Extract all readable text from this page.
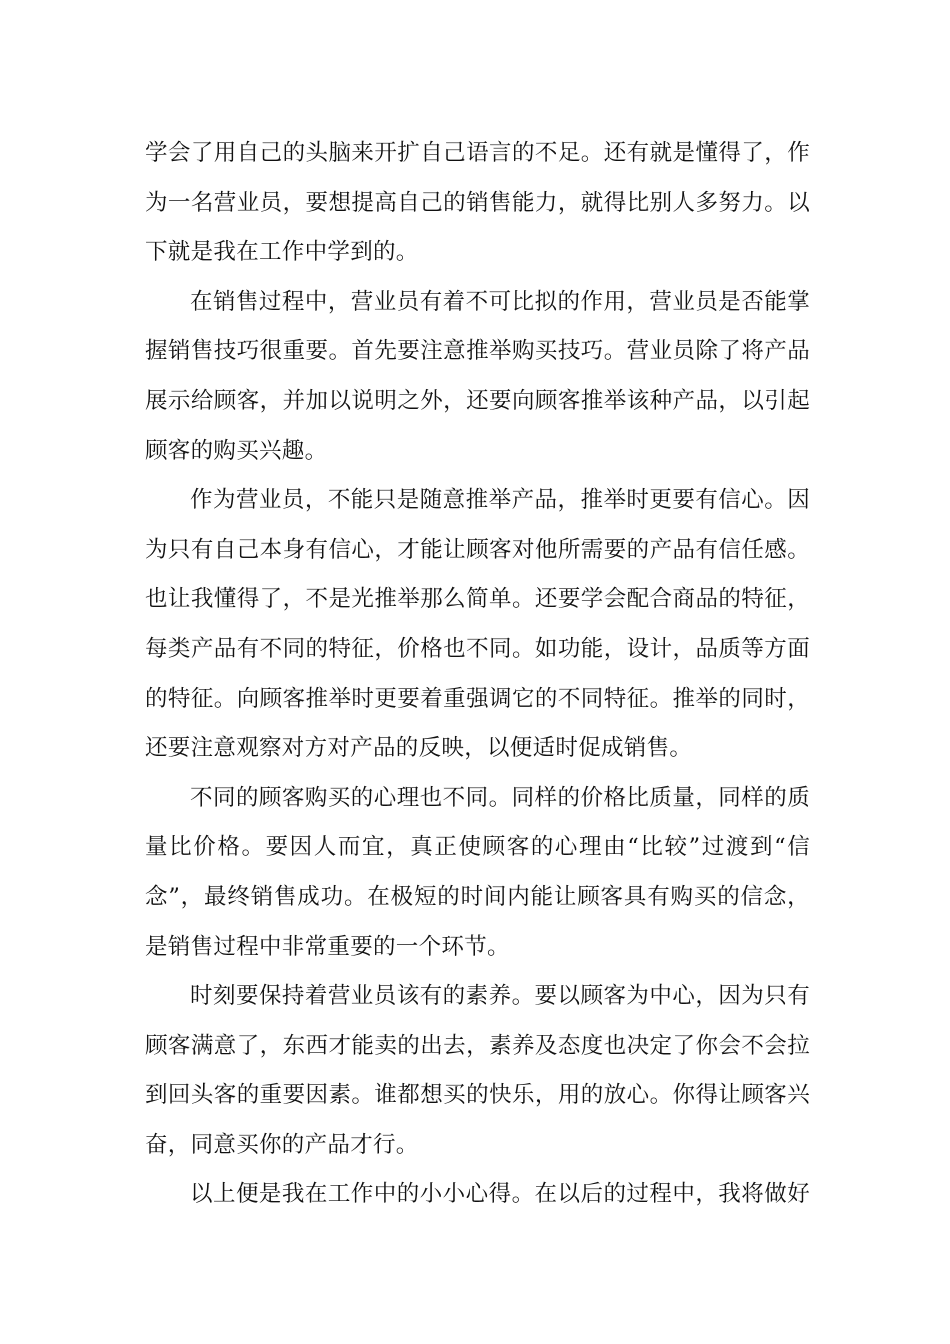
学会了用自己的头脑来开扩自己语言的不足。还有就是懂得了，作
为一名营业员，要想提高自己的销售能力，就得比别人多努力。以
下就是我在工作中学到的。
在销售过程中，营业员有着不可比拟的作用，营业员是否能掌
握销售技巧很重要。首先要注意推举购买技巧。营业员除了将产品
展示给顾客，并加以说明之外，还要向顾客推举该种产品，以引起
顾客的购买兴趣。
作为营业员，不能只是随意推举产品，推举时更要有信心。因
为只有自己本身有信心，才能让顾客对他所需要的产品有信任感。
也让我懂得了，不是光推举那么简单。还要学会配合商品的特征，
每类产品有不同的特征，价格也不同。如功能，设计，品质等方面
的特征。向顾客推举时更要着重强调它的不同特征。推举的同时，
还要注意观察对方对产品的反映，以便适时促成销售。
不同的顾客购买的心理也不同。同样的价格比质量，同样的质
量比价格。要因人而宜，真正使顾客的心理由“比较”过渡到“信
念”，最终销售成功。在极短的时间内能让顾客具有购买的信念，
是销售过程中非常重要的一个环节。
时刻要保持着营业员该有的素养。要以顾客为中心，因为只有
顾客满意了，东西才能卖的出去，素养及态度也决定了你会不会拉
到回头客的重要因素。谁都想买的快乐，用的放心。你得让顾客兴
奋，同意买你的产品才行。
以上便是我在工作中的小小心得。在以后的过程中，我将做好
